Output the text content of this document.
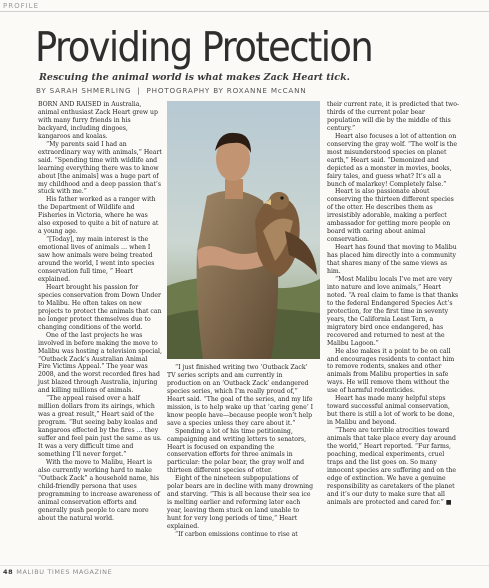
PROFILE
Providing Protection
Rescuing the animal world is what makes Zack Heart tick.
BY SARAH SHMERLING | PHOTOGRAPHY BY ROXANNE McCANN

BORN AND RAISED in Australia, animal enthusiast Zack Heart grew up with many furry friends in his backyard, including dingoes, kangaroos and koalas.

“My parents said I had an extraordinary way with animals,” Heart said. “Spending time with wildlife and learning everything there was to know about [the animals] was a huge part of my childhood and a deep passion that’s stuck with me.”

His father worked as a ranger with the Department of Wildlife and Fisheries in Victoria, where he was also exposed to quite a bit of nature at a young age.

“[Today], my main interest is the emotional lives of animals … when I saw how animals were being treated around the world, I went into species conservation full time, ” Heart explained.

Heart brought his passion for species conservation from Down Under to Malibu. He often takes on new projects to protect the animals that can no longer protect themselves due to changing conditions of the world.

One of the last projects he was involved in before making the move to Malibu was hosting a television special, “Outback Zack’s Australian Animal Fire Victims Appeal.” The year was 2008, and the worst recorded fires had just blazed through Australia, injuring and killing millions of animals.

“The appeal raised over a half million dollars from its airings, which was a great result,” Heart said of the program. “But seeing baby koalas and kangaroos effected by the fires … they suffer and feel pain just the same as us. It was a very difficult time and something I’ll never forget.”

With the move to Malibu, Heart is also currently working hard to make “Outback Zack” a household name, his child-friendly persona that uses programming to increase awareness of animal conservation efforts and generally push people to care more about the natural world.

“I just finished writing two ‘Outback Zack’ TV series scripts and am currently in production on an ‘Outback Zack’ endangered species series, which I’m really proud of,” Heart said. “The goal of the series, and my life mission, is to help wake up that ‘caring gene’ I know people have—because people won’t help save a species unless they care about it.”

Spending a lot of his time petitioning, campaigning and writing letters to senators, Heart is focused on expanding the conservation efforts for three animals in particular: the polar bear, the gray wolf and thirteen different species of otter.

Eight of the nineteen subpopulations of polar bears are in decline with many drowning and starving. “This is all because their sea ice is melting earlier and reforming later each year, leaving them stuck on land unable to hunt for very long periods of time,” Heart explained.

“If carbon emissions continue to rise at

their current rate, it is predicted that two-thirds of the current polar bear population will die by the middle of this century.”

Heart also focuses a lot of attention on conserving the gray wolf. “The wolf is the most misunderstood species on planet earth,” Heart said. “Demonized and depicted as a monster in movies, books, fairy tales, and guess what? It’s all a bunch of malarkey! Completely false.”

Heart is also passionate about conserving the thirteen different species of the otter. He describes them as irresistibly adorable, making a perfect ambassador for getting more people on board with caring about animal conservation.

Heart has found that moving to Malibu has placed him directly into a community that shares many of the same views as him.

“Most Malibu locals I’ve met are very into nature and love animals,” Heart noted. “A real claim to fame is that thanks to the federal Endangered Species Act’s protection, for the first time in seventy years, the California Least Tern, a migratory bird once endangered, has recovered and returned to nest at the Malibu Lagoon.”

He also makes it a point to be on call and encourages residents to contact him to remove rodents, snakes and other animals from Malibu properties in safe ways. He will remove them without the use of harmful rodenticides.

Heart has made many helpful steps toward successful animal conservation, but there is still a lot of work to be done, in Malibu and beyond.

“There are terrible atrocities toward animals that take place every day around the world,” Heart reported. “Fur farms, poaching, medical experiments, cruel traps and the list goes on. So many innocent species are suffering and on the edge of extinction. We have a genuine responsibility as caretakers of the planet and it’s our duty to make sure that all animals are protected and cared for.” ■

48 MALIBU TIMES MAGAZINE
